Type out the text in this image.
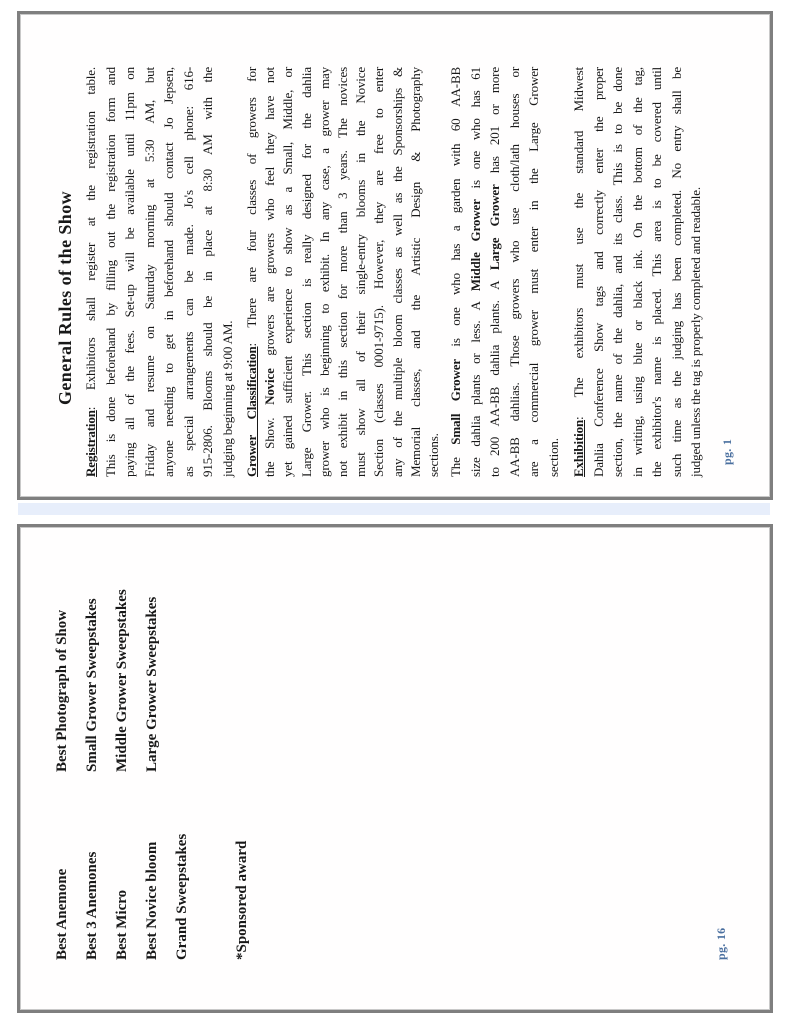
General Rules of the Show
Registration: Exhibitors shall register at the registration table. This is done beforehand by filling out the registration form and paying all of the fees. Set-up will be available until 11pm on Friday and resume on Saturday morning at 5:30 AM, but anyone needing to get in beforehand should contact Jo Jepsen, as special arrangements can be made. Jo's cell phone: 616- 915-2806. Blooms should be in place at 8:30 AM with the judging beginning at 9:00 AM. Grower Classification: There are four classes of growers for
the Show. Novice growers are growers who feel they have not yet gained sufficient experience to show as a Small, Middle, or Large Grower. This section is really designed for the dahlia grower who is beginning to exhibit. In any case, a grower may not exhibit in this section for more than 3 years. The novices must show all of their single-entry blooms in the Novice Section (classes 0001-9715). However, they are free to enter any of the multiple bloom classes as well as the Sponsorships & Memorial classes, and the Artistic Design & Photography sections. The Small Grower is one who has a garden with 60 AA-BB
size dahlia plants or less. A Middle Grower is one who has 61
to 200 AA-BB dahlia plants. A Large Grower has 201 or more AA-BB dahlias. Those growers who use cloth/lath houses or are a commercial grower must enter in the Large Grower section. Exhibition: The exhibitors must use the standard Midwest Dahlia Conference Show tags and correctly enter the proper section, the name of the dahlia, and its class. This is to be done in writing, using blue or black ink. On the bottom of the tag, the exhibitor's name is placed. This area is to be covered until such time as the judging has been completed. No entry shall be judged unless the tag is properly completed and readable. pg. 1
Best Anemone
Best Photograph of Show
Best 3 Anemones
Small Grower Sweepstakes
Best Micro
Middle Grower Sweepstakes
Best Novice bloom
Large Grower Sweepstakes
Grand Sweepstakes	*Sponsored award	pg. 16
